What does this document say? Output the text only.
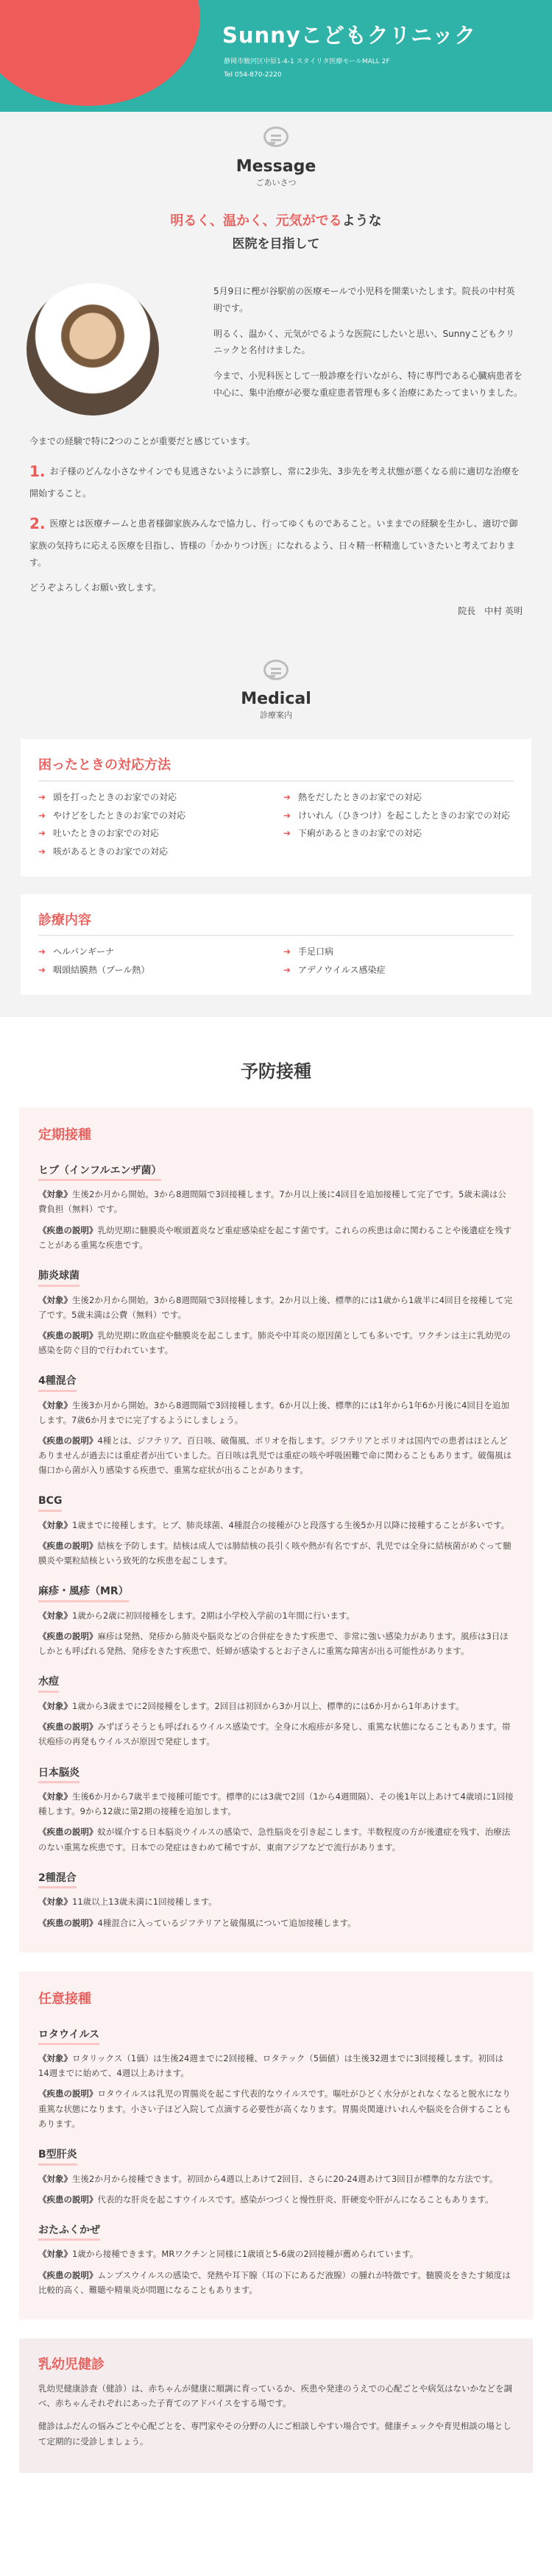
Sunnyこどもクリニック
静岡市駿河区中原1-4-1 スタイリタ医療モールMALL 2F
Tel 054-870-2220
Message
ごあいさつ
明るく、温かく、元気がでるような
医院を目指して

5月9日に樫が谷駅前の医療モールで小児科を開業いたします。院長の中村英明です。

明るく、温かく、元気がでるような医院にしたいと思い、Sunnyこどもクリニックと名付けました。

今まで、小児科医として一般診療を行いながら、特に専門である心臓病患者を中心に、集中治療が必要な重症患者管理も多く治療にあたってまいりました。

今までの経験で特に2つのことが重要だと感じています。

1. お子様のどんな小さなサインでも見逃さないように診察し、常に2歩先、3歩先を考え状態が悪くなる前に適切な治療を開始すること。

2. 医療とは医療チームと患者様御家族みんなで協力し、行ってゆくものであること。いままでの経験を生かし、適切で御家族の気持ちに応える医療を目指し、皆様の「かかりつけ医」になれるよう、日々精一杯精進していきたいと考えております。

どうぞよろしくお願い致します。

院長　中村 英明
Medical
診療案内
困ったときの対応方法
➜ 頭を打ったときのお家での対応	➜ 熱をだしたときのお家での対応
➜ やけどをしたときのお家での対応	➜ けいれん（ひきつけ）を起こしたときのお家での対応
➜ 吐いたときのお家での対応	➜ 下痢があるときのお家での対応
➜ 咳があるときのお家での対応
診療内容
➜ ヘルパンギーナ	➜ 手足口病
➜ 咽頭結膜熱（プール熱）	➜ アデノウイルス感染症
予防接種
定期接種
ヒブ（インフルエンザ菌）

《対象》生後2か月から開始。3から8週間隔で3回接種します。7か月以上後に4回目を追加接種して完了です。5歳未満は公費負担（無料）です。

《疾患の説明》乳幼児期に髄膜炎や喉頭蓋炎など重症感染症を起こす菌です。これらの疾患は命に関わることや後遺症を残すことがある重篤な疾患です。

肺炎球菌

《対象》生後2か月から開始。3から8週間隔で3回接種します。2か月以上後、標準的には1歳から1歳半に4回目を接種して完了です。5歳未満は公費（無料）です。

《疾患の説明》乳幼児期に敗血症や髄膜炎を起こします。肺炎や中耳炎の原因菌としても多いです。ワクチンは主に乳幼児の感染を防ぐ目的で行われています。

4種混合

《対象》生後3か月から開始。3から8週間隔で3回接種します。6か月以上後、標準的には1年から1年6か月後に4回目を追加します。7歳6か月までに完了するようにしましょう。

《疾患の説明》4種とは、ジフテリア、百日咳、破傷風、ポリオを指します。ジフテリアとポリオは国内での患者はほとんどありませんが過去には重症者が出ていました。百日咳は乳児では重症の咳や呼吸困難で命に関わることもあります。破傷風は傷口から菌が入り感染する疾患で、重篤な症状が出ることがあります。

BCG

《対象》1歳までに接種します。ヒブ、肺炎球菌、4種混合の接種がひと段落する生後5か月以降に接種することが多いです。

《疾患の説明》結核を予防します。結核は成人では肺結核の長引く咳や熱が有名ですが、乳児では全身に結核菌がめぐって髄膜炎や粟粒結核という致死的な疾患を起こします。

麻疹・風疹（MR）

《対象》1歳から2歳に初回接種をします。2期は小学校入学前の1年間に行います。

《疾患の説明》麻疹は発熱、発疹から肺炎や脳炎などの合併症をきたす疾患で、非常に強い感染力があります。風疹は3日ほしかとも呼ばれる発熱、発疹をきたす疾患で、妊婦が感染するとお子さんに重篤な障害が出る可能性があります。

水痘

《対象》1歳から3歳までに2回接種をします。2回目は初回から3か月以上、標準的には6か月から1年あけます。

《疾患の説明》みずぼうそうとも呼ばれるウイルス感染です。全身に水疱疹が多発し、重篤な状態になることもあります。帯状疱疹の再発もウイルスが原因で発症します。

日本脳炎

《対象》生後6か月から7歳半まで接種可能です。標準的には3歳で2回（1から4週間隔）、その後1年以上あけて4歳頃に1回接種します。9から12歳に第2期の接種を追加します。

《疾患の説明》蚊が媒介する日本脳炎ウイルスの感染で、急性脳炎を引き起こします。半数程度の方が後遺症を残す、治療法のない重篤な疾患です。日本での発症はきわめて稀ですが、東南アジアなどで流行があります。

2種混合

《対象》11歳以上13歳未満に1回接種します。

《疾患の説明》4種混合に入っているジフテリアと破傷風について追加接種します。

任意接種
ロタウイルス

《対象》ロタリックス（1価）は生後24週までに2回接種、ロタテック（5価値）は生後32週までに3回接種します。初回は14週までに始めて、4週以上あけます。

《疾患の説明》ロタウイルスは乳児の胃腸炎を起こす代表的なウイルスです。嘔吐がひどく水分がとれなくなると脱水になり重篤な状態になります。小さい子ほど入院して点滴する必要性が高くなります。胃腸炎関連けいれんや脳炎を合併することもあります。

B型肝炎

《対象》生後2か月から接種できます。初回から4週以上あけて2回目、さらに20-24週あけて3回目が標準的な方法です。

《疾患の説明》代表的な肝炎を起こすウイルスです。感染がつづくと慢性肝炎、肝硬変や肝がんになることもあります。

おたふくかぜ

《対象》1歳から接種できます。MRワクチンと同様に1歳頃と5-6歳の2回接種が薦められています。

《疾患の説明》ムンプスウイルスの感染で、発熱や耳下腺（耳の下にあるだ液腺）の腫れが特徴です。髄膜炎をきたす頻度は比較的高く、難聴や精巣炎が問題になることもあります。

乳幼児健診

乳幼児健康診査（健診）は、赤ちゃんが健康に順調に育っているか、疾患や発達のうえでの心配ごとや病気はないかなどを調べ、赤ちゃんそれぞれにあった子育てのアドバイスをする場です。

健診はふだんの悩みごとや心配ごとを、専門家やその分野の人にご相談しやすい場合です。健康チェックや育児相談の場として定期的に受診しましょう。
